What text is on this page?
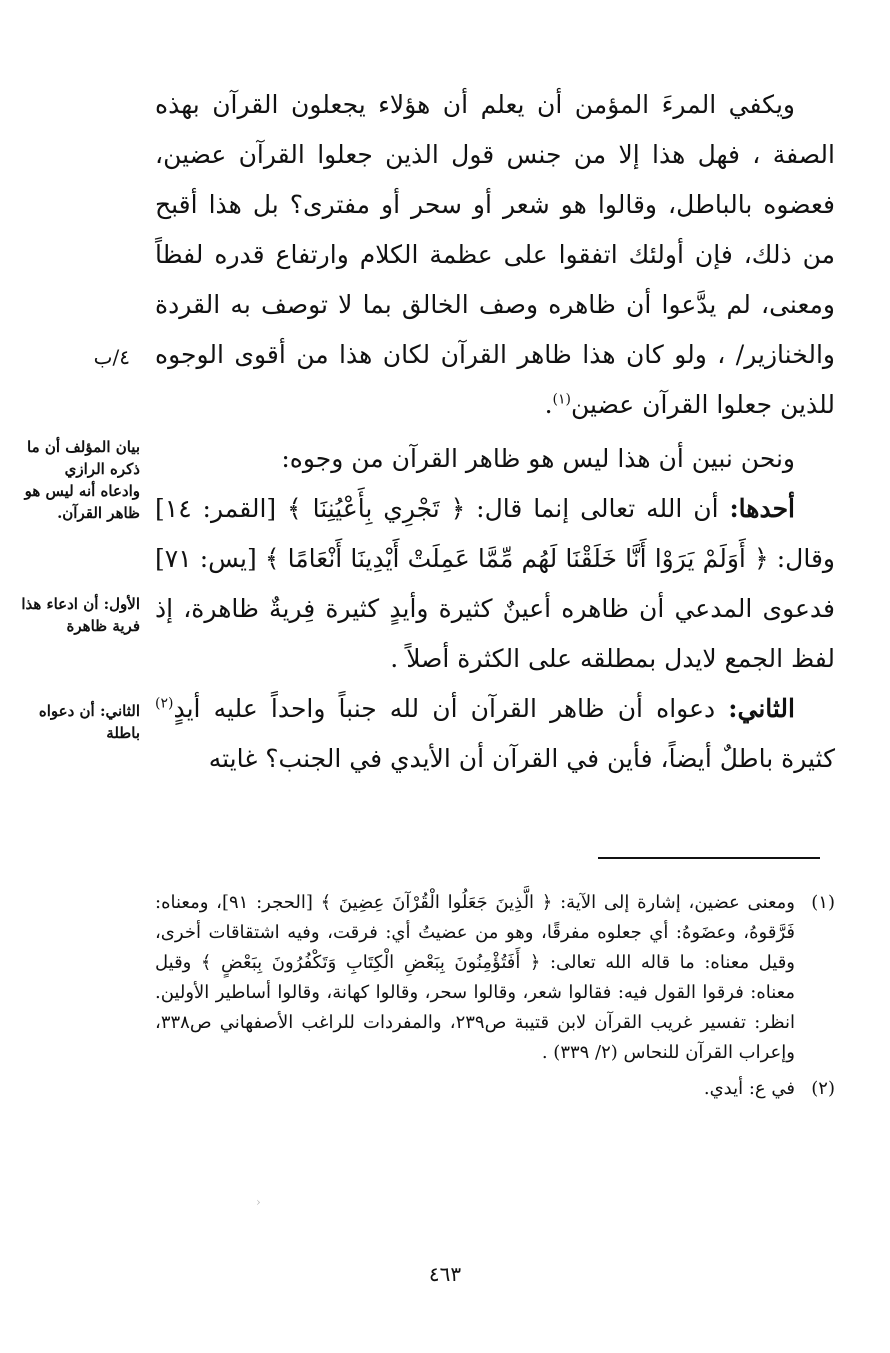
ويكفي المرءَ المؤمن أن يعلم أن هؤلاء يجعلون القرآن بهذه الصفة ، فهل هذا إلا من جنس قول الذين جعلوا القرآن عضين، فعضوه بالباطل، وقالوا هو شعر أو سحر أو مفترى؟ بل هذا أقبح من ذلك، فإن أولئك اتفقوا على عظمة الكلام وارتفاع قدره لفظاً ومعنى، لم يدَّعوا أن ظاهره وصف الخالق بما لا توصف به القردة والخنازير/ ، ولو كان هذا ظاهر القرآن لكان هذا من أقوى الوجوه للذين جعلوا القرآن عضين$^{(١)}$.

ونحن نبين أن هذا ليس هو ظاهر القرآن من وجوه:

أحدها: أن الله تعالى إنما قال: ﴿ تَجْرِي بِأَعْيُنِنَا ﴾ [القمر: ١٤] وقال: ﴿ أَوَلَمْ يَرَوْا أَنَّا خَلَقْنَا لَهُم مِّمَّا عَمِلَتْ أَيْدِينَا أَنْعَامًا ﴾ [يس: ٧١] فدعوى المدعي أن ظاهره أعينٌ كثيرة وأيدٍ كثيرة فِريةٌ ظاهرة، إذ لفظ الجمع لايدل بمطلقه على الكثرة أصلاً .

الثاني: دعواه أن ظاهر القرآن أن لله جنباً واحداً عليه أيدٍ$^{(٢)}$ كثيرة باطلٌ أيضاً، فأين في القرآن أن الأيدي في الجنب؟ غايته

٤/ب
بيان المؤلف أن ما ذكره الرازي وادعاه أنه ليس هو ظاهر القرآن.
الأول: أن ادعاء هذا فرية ظاهرة
الثاني: أن دعواه باطلة
(١)
ومعنى عضين، إشارة إلى الآية: ﴿ الَّذِينَ جَعَلُوا الْقُرْآنَ عِضِينَ ﴾ [الحجر: ٩١]، ومعناه: فَرَّقوهُ، وعضَوهُ: أي جعلوه مفرقًا، وهو من عضيتُ أي: فرقت، وفيه اشتقاقات أخرى، وقيل معناه: ما قاله الله تعالى: ﴿ أَفَتُؤْمِنُونَ بِبَعْضِ الْكِتَابِ وَتَكْفُرُونَ بِبَعْضٍ ﴾ وقيل معناه: فرقوا القول فيه: فقالوا شعر، وقالوا سحر، وقالوا كهانة، وقالوا أساطير الأولين. انظر: تفسير غريب القرآن لابن قتيبة ص٢٣٩، والمفردات للراغب الأصفهاني ص٣٣٨، وإعراب القرآن للنحاس (٢/ ٣٣٩) .
(٢)
في ع: أيدي.
›
٤٦٣
